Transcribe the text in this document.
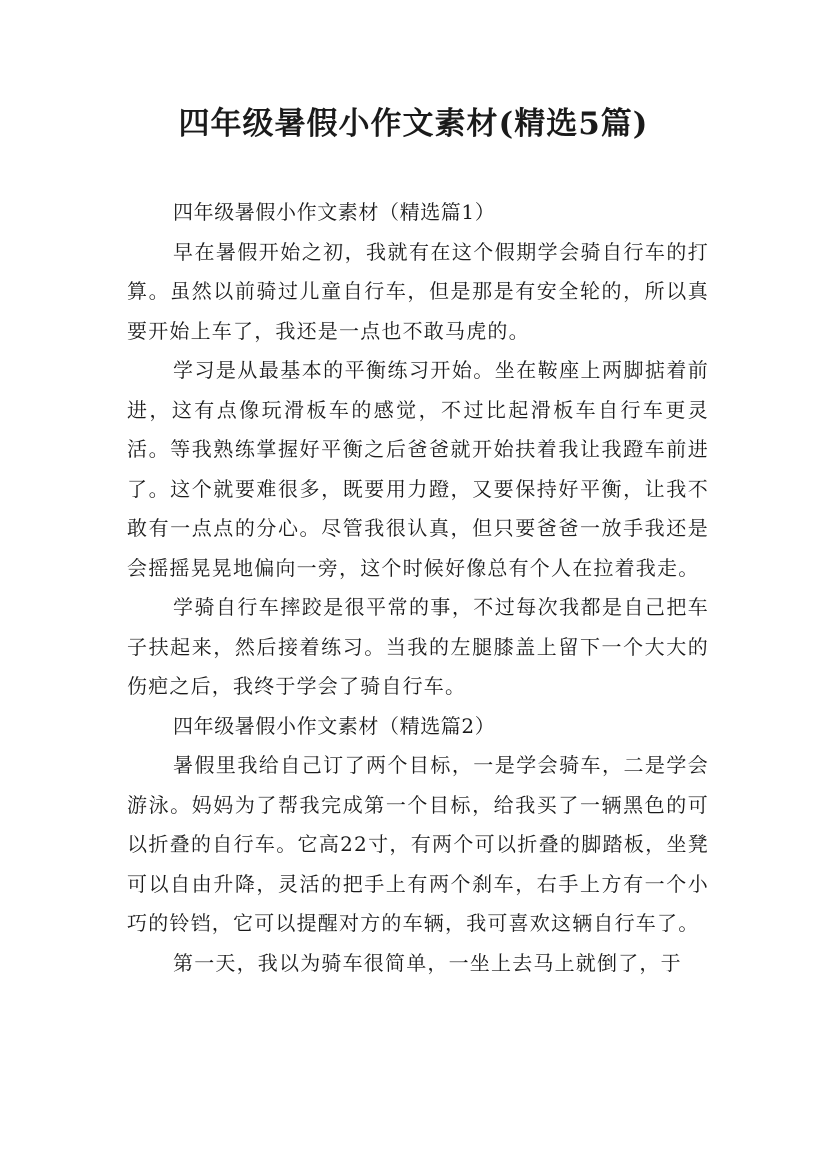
四年级暑假小作文素材(精选5篇)

四年级暑假小作文素材（精选篇1）

早在暑假开始之初，我就有在这个假期学会骑自行车的打算。虽然以前骑过儿童自行车，但是那是有安全轮的，所以真要开始上车了，我还是一点也不敢马虎的。

学习是从最基本的平衡练习开始。坐在鞍座上两脚掂着前进，这有点像玩滑板车的感觉，不过比起滑板车自行车更灵活。等我熟练掌握好平衡之后爸爸就开始扶着我让我蹬车前进了。这个就要难很多，既要用力蹬，又要保持好平衡，让我不敢有一点点的分心。尽管我很认真，但只要爸爸一放手我还是会摇摇晃晃地偏向一旁，这个时候好像总有个人在拉着我走。

学骑自行车摔跤是很平常的事，不过每次我都是自己把车子扶起来，然后接着练习。当我的左腿膝盖上留下一个大大的伤疤之后，我终于学会了骑自行车。

四年级暑假小作文素材（精选篇2）

暑假里我给自己订了两个目标，一是学会骑车，二是学会游泳。妈妈为了帮我完成第一个目标，给我买了一辆黑色的可以折叠的自行车。它高22寸，有两个可以折叠的脚踏板，坐凳可以自由升降，灵活的把手上有两个刹车，右手上方有一个小巧的铃铛，它可以提醒对方的车辆，我可喜欢这辆自行车了。

第一天，我以为骑车很简单，一坐上去马上就倒了，于
